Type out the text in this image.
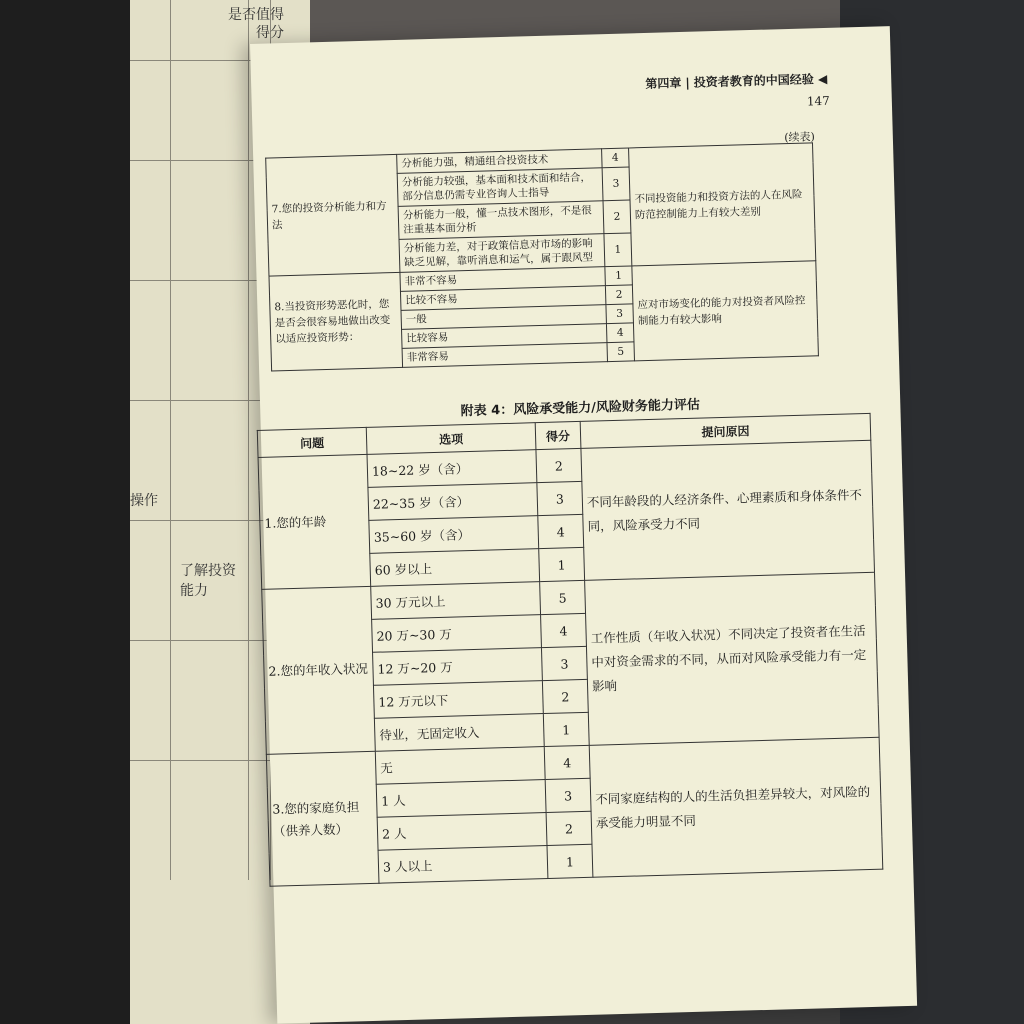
是否值得
得分
操作
能力
了解投资
第四章 | 投资者教育的中国经验 ◀
147
(续表)
7.您的投资分析能力和方法	分析能力强，精通组合投资技术	4	不同投资能力和投资方法的人在风险防范控制能力上有较大差别
	分析能力较强，基本面和技术面和结合，部分信息仍需专业咨询人士指导	3	
	分析能力一般，懂一点技术图形，不是很注重基本面分析	2	
	分析能力差，对于政策信息对市场的影响缺乏见解，靠听消息和运气，属于跟风型	1	
8.当投资形势恶化时，您是否会很容易地做出改变以适应投资形势：	非常不容易	1	应对市场变化的能力对投资者风险控制能力有较大影响
	比较不容易	2	
	一般	3	
	比较容易	4	
	非常容易	5	
附表 4：风险承受能力/风险财务能力评估
问题	选项	得分	提问原因
1.您的年龄	18~22 岁（含）	2	不同年龄段的人经济条件、心理素质和身体条件不同，风险承受力不同
	22~35 岁（含）	3	
	35~60 岁（含）	4	
	60 岁以上	1	
2.您的年收入状况	30 万元以上	5	工作性质（年收入状况）不同决定了投资者在生活中对资金需求的不同，从而对风险承受能力有一定影响
	20 万~30 万	4	
	12 万~20 万	3	
	12 万元以下	2	
	待业，无固定收入	1	
3.您的家庭负担（供养人数）	无	4	不同家庭结构的人的生活负担差异较大，对风险的承受能力明显不同
	1 人	3	
	2 人	2	
	3 人以上	1	
